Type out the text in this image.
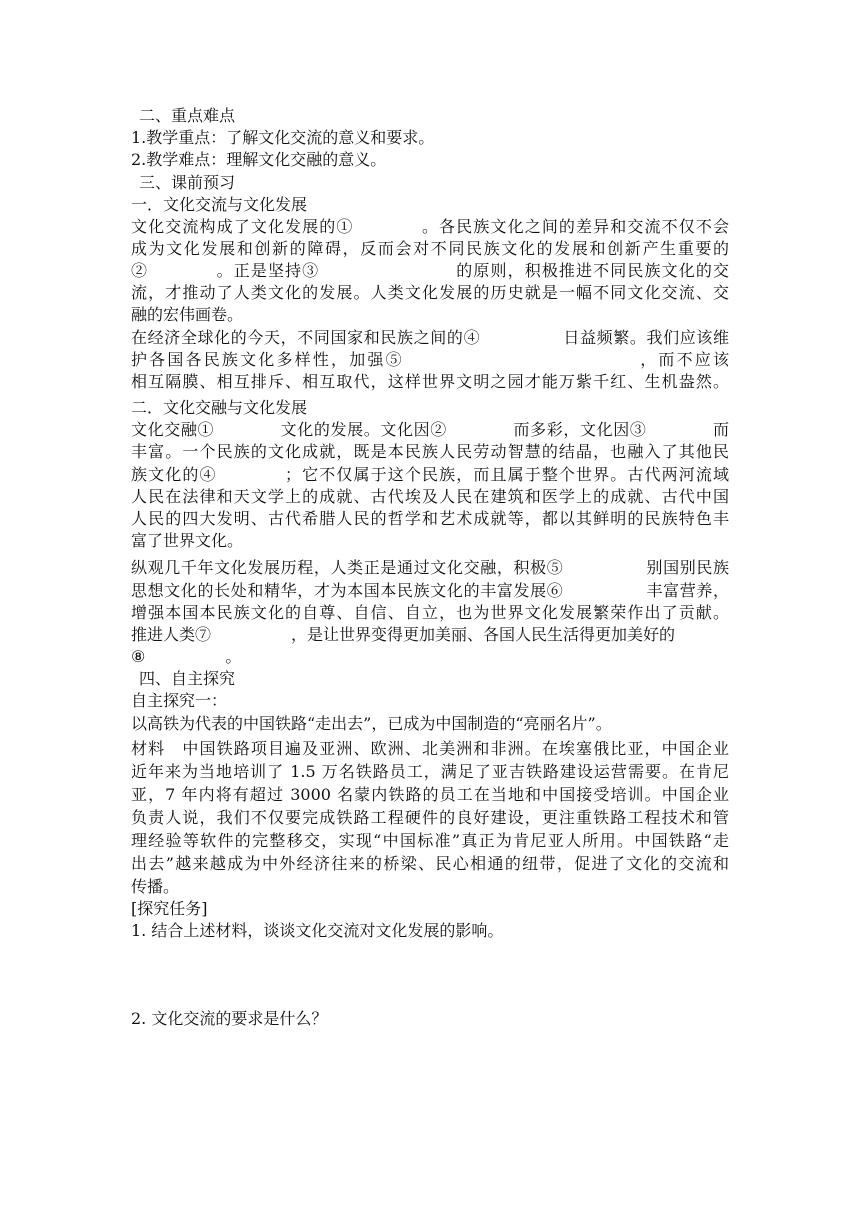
二、重点难点
1.教学重点：了解文化交流的意义和要求。
2.教学难点：理解文化交融的意义。
三、课前预习
一．文化交流与文化发展
文化交流构成了文化发展的①　　　　。各民族文化之间的差异和交流不仅不会
成为文化发展和创新的障碍，反而会对不同民族文化的发展和创新产生重要的
②　　　　。正是坚持③　　　　　　　　的原则，积极推进不同民族文化的交
流，才推动了人类文化的发展。人类文化发展的历史就是一幅不同文化交流、交
融的宏伟画卷。
在经济全球化的今天，不同国家和民族之间的④　　　　　日益频繁。我们应该维
护各国各民族文化多样性，加强⑤　　　　　　　　　　　　　，而不应该
相互隔膜、相互排斥、相互取代，这样世界文明之园才能万紫千红、生机盎然。
二．文化交融与文化发展
文化交融①　　　　文化的发展。文化因②　　　　而多彩，文化因③　　　　而
丰富。一个民族的文化成就，既是本民族人民劳动智慧的结晶，也融入了其他民
族文化的④　　　　；它不仅属于这个民族，而且属于整个世界。古代两河流域
人民在法律和天文学上的成就、古代埃及人民在建筑和医学上的成就、古代中国
人民的四大发明、古代希腊人民的哲学和艺术成就等，都以其鲜明的民族特色丰
富了世界文化。
纵观几千年文化发展历程，人类正是通过文化交融，积极⑤　　　　　别国别民族
思想文化的长处和精华，才为本国本民族文化的丰富发展⑥　　　　　丰富营养，
增强本国本民族文化的自尊、自信、自立，也为世界文化发展繁荣作出了贡献。
推进人类⑦　　　　　，是让世界变得更加美丽、各国人民生活得更加美好的
⑧　　　　　。
四、自主探究
自主探究一：
以高铁为代表的中国铁路“走出去”，已成为中国制造的“亮丽名片”。
材料　中国铁路项目遍及亚洲、欧洲、北美洲和非洲。在埃塞俄比亚，中国企业
近年来为当地培训了 1.5 万名铁路员工，满足了亚吉铁路建设运营需要。在肯尼
亚，7 年内将有超过 3000 名蒙内铁路的员工在当地和中国接受培训。中国企业
负责人说，我们不仅要完成铁路工程硬件的良好建设，更注重铁路工程技术和管
理经验等软件的完整移交，实现“中国标准”真正为肯尼亚人所用。中国铁路“走
出去”越来越成为中外经济往来的桥梁、民心相通的纽带，促进了文化的交流和
传播。
[探究任务]
1. 结合上述材料，谈谈文化交流对文化发展的影响。
2. 文化交流的要求是什么？
